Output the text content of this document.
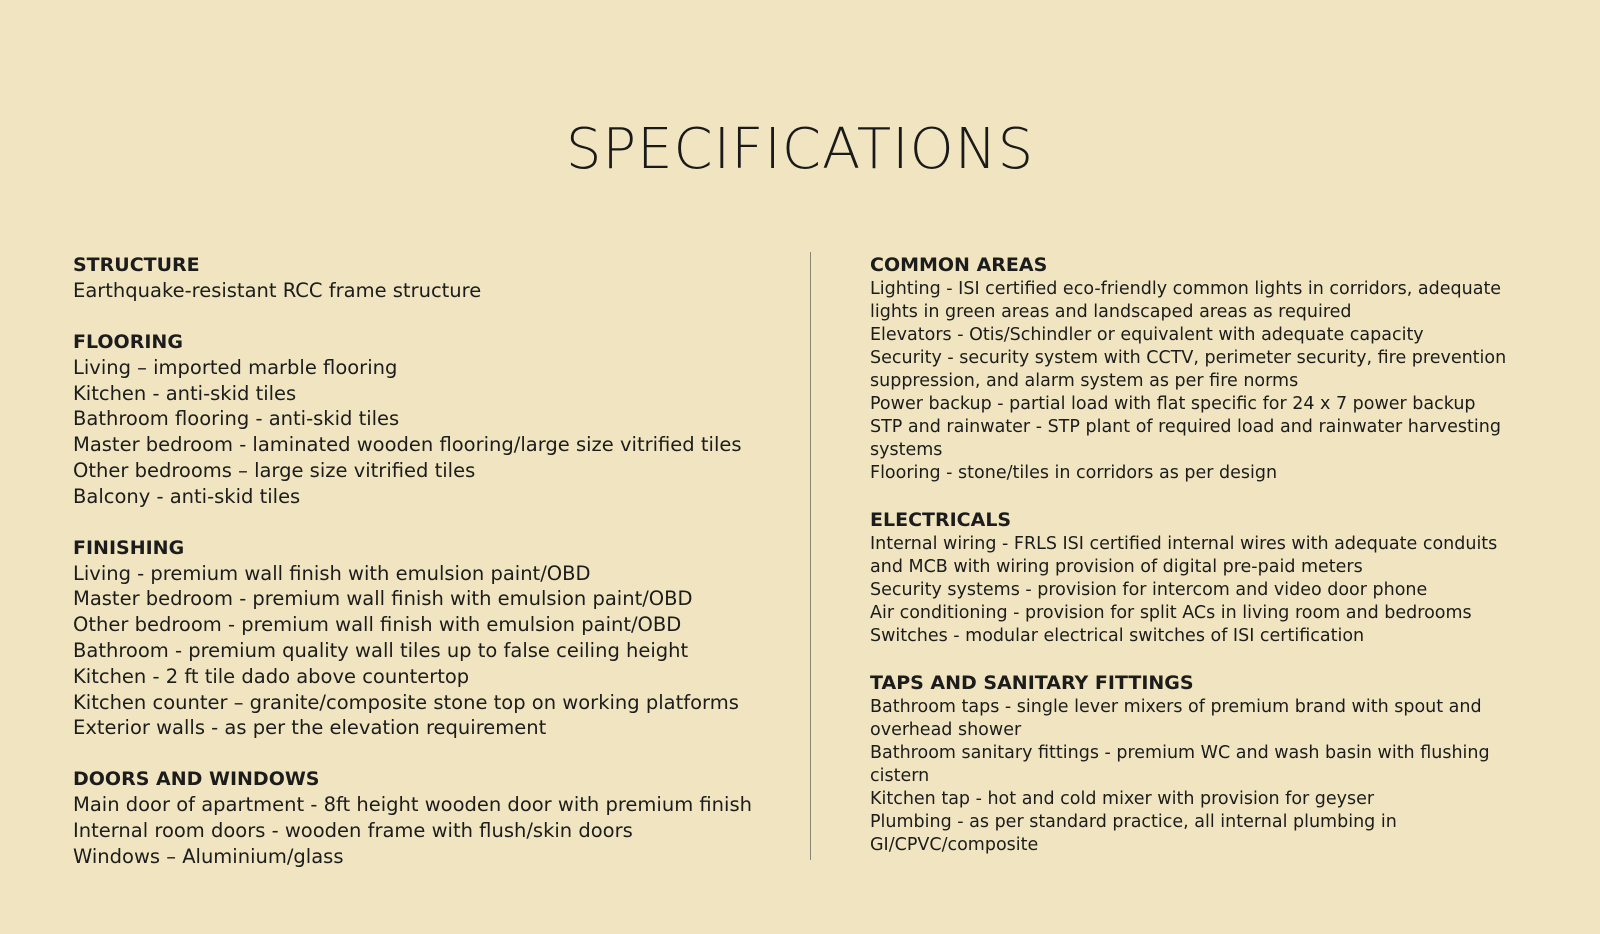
SPECIFICATIONS
STRUCTURE
Earthquake-resistant RCC frame structure
FLOORING
Living – imported marble flooring
Kitchen - anti-skid tiles
Bathroom flooring - anti-skid tiles
Master bedroom - laminated wooden flooring/large size vitrified tiles
Other bedrooms – large size vitrified tiles
Balcony - anti-skid tiles
FINISHING
Living - premium wall finish with emulsion paint/OBD
Master bedroom - premium wall finish with emulsion paint/OBD
Other bedroom - premium wall finish with emulsion paint/OBD
Bathroom - premium quality wall tiles up to false ceiling height
Kitchen - 2 ft tile dado above countertop
Kitchen counter – granite/composite stone top on working platforms
Exterior walls - as per the elevation requirement
DOORS AND WINDOWS
Main door of apartment - 8ft height wooden door with premium finish
Internal room doors - wooden frame with flush/skin doors
Windows – Aluminium/glass
COMMON AREAS
Lighting - ISI certified eco-friendly common lights in corridors, adequate lights in green areas and landscaped areas as required
Elevators - Otis/Schindler or equivalent with adequate capacity
Security - security system with CCTV, perimeter security, fire prevention suppression, and alarm system as per fire norms
Power backup - partial load with flat specific for 24 x 7 power backup
STP and rainwater - STP plant of required load and rainwater harvesting systems
Flooring - stone/tiles in corridors as per design
ELECTRICALS
Internal wiring - FRLS ISI certified internal wires with adequate conduits and MCB with wiring provision of digital pre-paid meters
Security systems - provision for intercom and video door phone
Air conditioning - provision for split ACs in living room and bedrooms
Switches - modular electrical switches of ISI certification
TAPS AND SANITARY FITTINGS
Bathroom taps - single lever mixers of premium brand with spout and overhead shower
Bathroom sanitary fittings - premium WC and wash basin with flushing cistern
Kitchen tap - hot and cold mixer with provision for geyser
Plumbing - as per standard practice, all internal plumbing in GI/CPVC/composite
